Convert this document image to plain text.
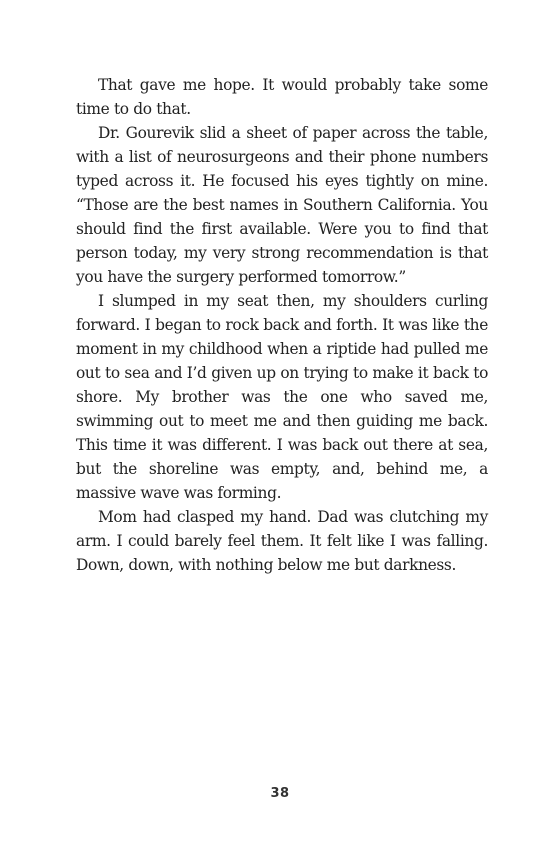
That gave me hope. It would probably take some time to do that.

Dr. Gourevik slid a sheet of paper across the table, with a list of neurosurgeons and their phone numbers typed across it. He focused his eyes tightly on mine. “Those are the best names in Southern California. You should find the first available. Were you to find that person today, my very strong recommendation is that you have the surgery performed tomorrow.”

I slumped in my seat then, my shoulders curling forward. I began to rock back and forth. It was like the moment in my childhood when a riptide had pulled me out to sea and I’d given up on trying to make it back to shore. My brother was the one who saved me, swimming out to meet me and then guiding me back. This time it was different. I was back out there at sea, but the shoreline was empty, and, behind me, a massive wave was forming.

Mom had clasped my hand. Dad was clutching my arm. I could barely feel them. It felt like I was falling. Down, down, with nothing below me but darkness.

38
